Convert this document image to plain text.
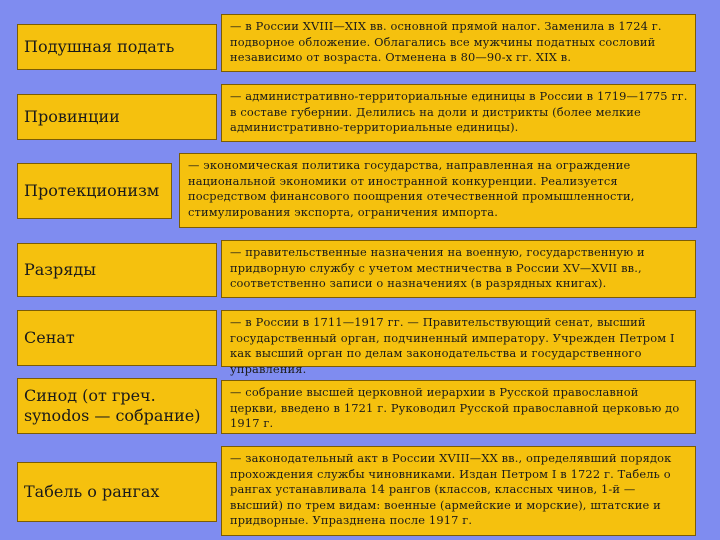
Подушная подать
— в России XVIII—XIX вв. основной прямой налог. Заменила в 1724 г. подворное обложение. Облагались все мужчины податных сословий независимо от возраста. Отменена в 80—90-х гг. XIX в.
Провинции
— административно-территориальные единицы в России в 1719—1775 гг. в составе губернии. Делились на доли и дистрикты (более мелкие административно-территориальные единицы).
Протекционизм
— экономическая политика государства, направленная на ограждение национальной экономики от иностранной конкуренции. Реализуется посредством финансового поощрения отечественной промышленности, стимулирования экспорта, ограничения импорта.
Разряды
— правительственные назначения на военную, государственную и придворную службу с учетом местничества в России XV—XVII вв., соответственно записи о назначениях (в разрядных книгах).
Сенат
— в России в 1711—1917 гг. — Правительствующий сенат, высший государственный орган, подчиненный императору. Учрежден Петром I как высший орган по делам законодательства и государственного управления.
Синод (от греч. synodos — собрание)
— собрание высшей церковной иерархии в Русской православной церкви, введено в 1721 г. Руководил Русской православной церковью до 1917 г.
Табель о рангах
— законодательный акт в России XVIII—XX вв., определявший порядок прохождения службы чиновниками. Издан Петром I в 1722 г. Табель о рангах устанавливала 14 рангов (классов, классных чинов, 1-й — высший) по трем видам: военные (армейские и морские), штатские и придворные. Упразднена после 1917 г.
